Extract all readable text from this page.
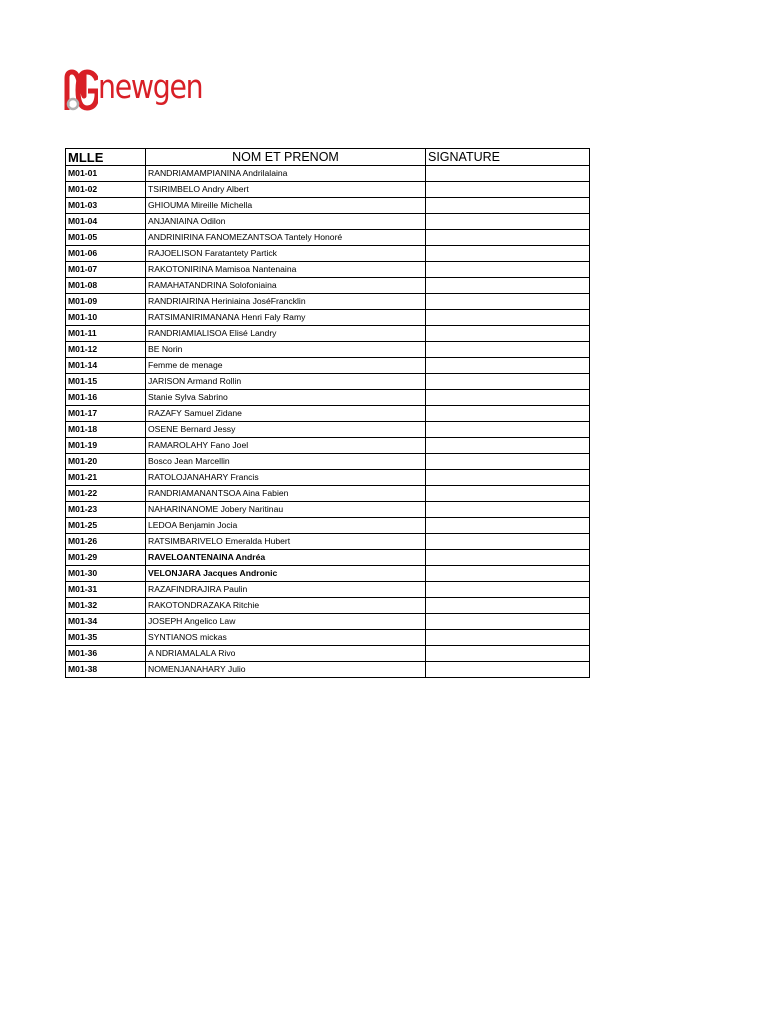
newgen
MLLE	NOM ET PRENOM	SIGNATURE
M01-01	RANDRIAMAMPIANINA Andrilalaina	
M01-02	TSIRIMBELO Andry Albert	
M01-03	GHIOUMA Mireille Michella	
M01-04	ANJANIAINA Odilon	
M01-05	ANDRINIRINA FANOMEZANTSOA Tantely Honoré	
M01-06	RAJOELISON Faratantety Partick	
M01-07	RAKOTONIRINA Mamisoa Nantenaina	
M01-08	RAMAHATANDRINA Solofoniaina	
M01-09	RANDRIAIRINA Heriniaina JoséFrancklin	
M01-10	RATSIMANIRIMANANA Henri Faly Ramy	
M01-11	RANDRIAMIALISOA Elisé Landry	
M01-12	BE Norin	
M01-14	Femme de menage	
M01-15	JARISON Armand Rollin	
M01-16	Stanie Sylva Sabrino	
M01-17	RAZAFY Samuel Zidane	
M01-18	OSENE Bernard Jessy	
M01-19	RAMAROLAHY Fano Joel	
M01-20	Bosco Jean Marcellin	
M01-21	RATOLOJANAHARY Francis	
M01-22	RANDRIAMANANTSOA Aina Fabien	
M01-23	NAHARINANOME Jobery Naritinau	
M01-25	LEDOA Benjamin Jocia	
M01-26	RATSIMBARIVELO Emeralda Hubert	
M01-29	RAVELOANTENAINA Andréa	
M01-30	VELONJARA Jacques Andronic	
M01-31	RAZAFINDRAJIRA Paulin	
M01-32	RAKOTONDRAZAKA Ritchie	
M01-34	JOSEPH Angelico Law	
M01-35	SYNTIANOS mickas	
M01-36	A NDRIAMALALA Rivo	
M01-38	NOMENJANAHARY Julio	
